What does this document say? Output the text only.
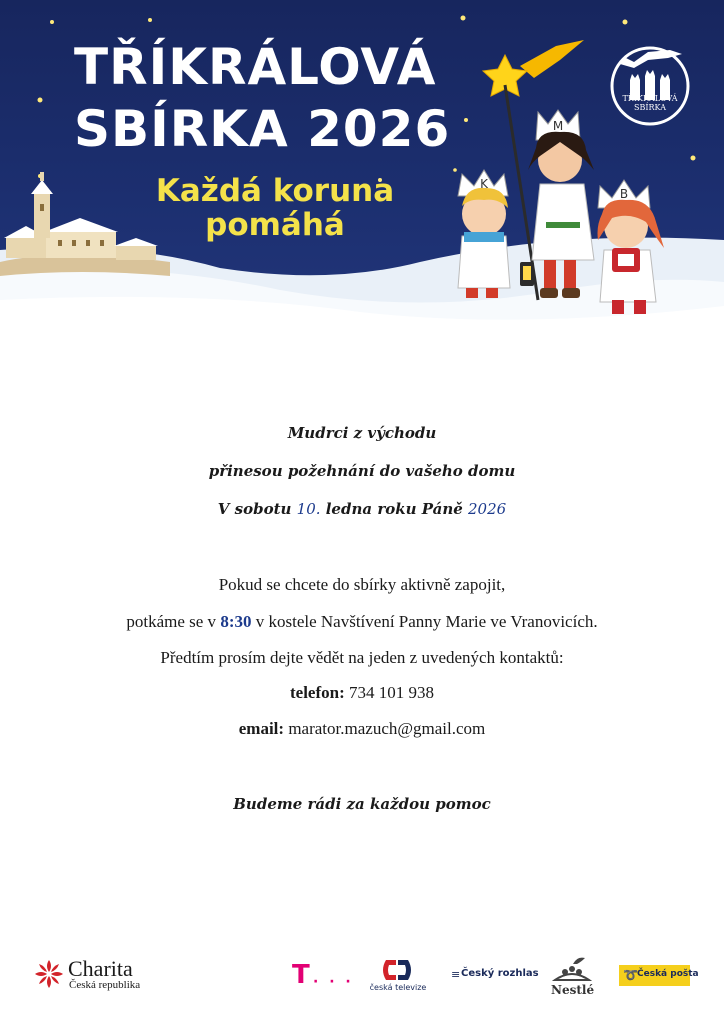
K
M
B
TŘÍKRÁLOVÁ
SBÍRKA 2026
Každá koruna
pomáhá
TŘÍKRÁLOVÁ
SBÍRKA
Mudrci z východu
přinesou požehnání do vašeho domu
V sobotu 10. ledna roku Páně 2026
Pokud se chcete do sbírky aktivně zapojit,
potkáme se v 8:30 v kostele Navštívení Panny Marie ve Vranovicích.
Předtím prosím dejte vědět na jeden z uvedených kontaktů:
telefon: 734 101 938
email: marator.mazuch@gmail.com
Budeme rádi za každou pomoc
Charita
Česká republika	T · · ·	česká televize
≡ Český rozhlas
Nestlé
➰ Česká pošta
